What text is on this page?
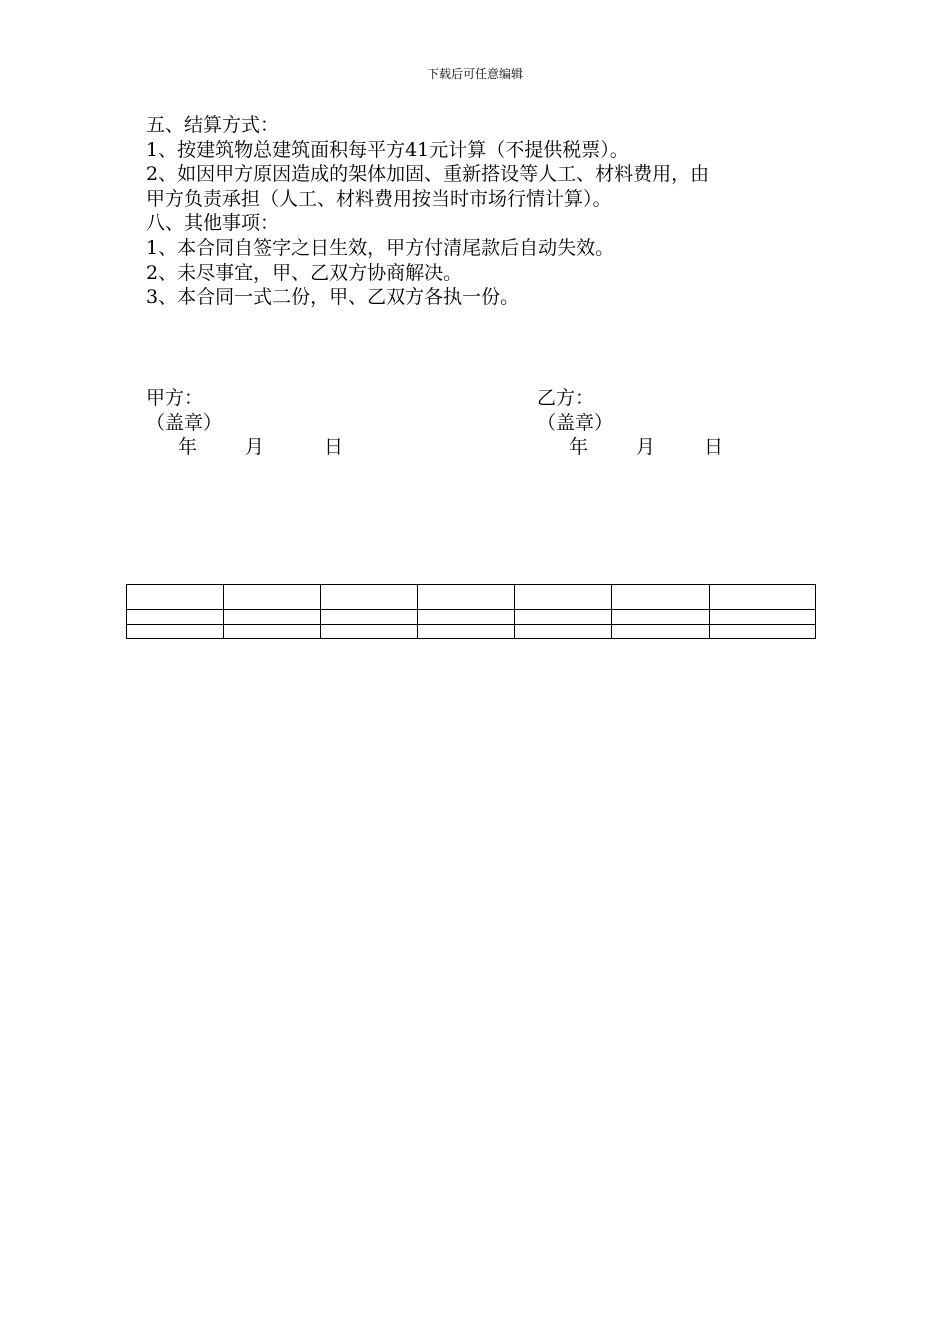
下载后可任意编辑

五、结算方式：

1、按建筑物总建筑面积每平方41元计算（不提供税票）。

2、如因甲方原因造成的架体加固、重新搭设等人工、材料费用，由

甲方负责承担（人工、材料费用按当时市场行情计算）。

八、其他事项：

1、本合同自签字之日生效，甲方付清尾款后自动失效。

2、未尽事宜，甲、乙双方协商解决。

3、本合同一式二份，甲、乙双方各执一份。

甲方：

（盖章）

年	月	日

乙方：

（盖章）

年	月	日
